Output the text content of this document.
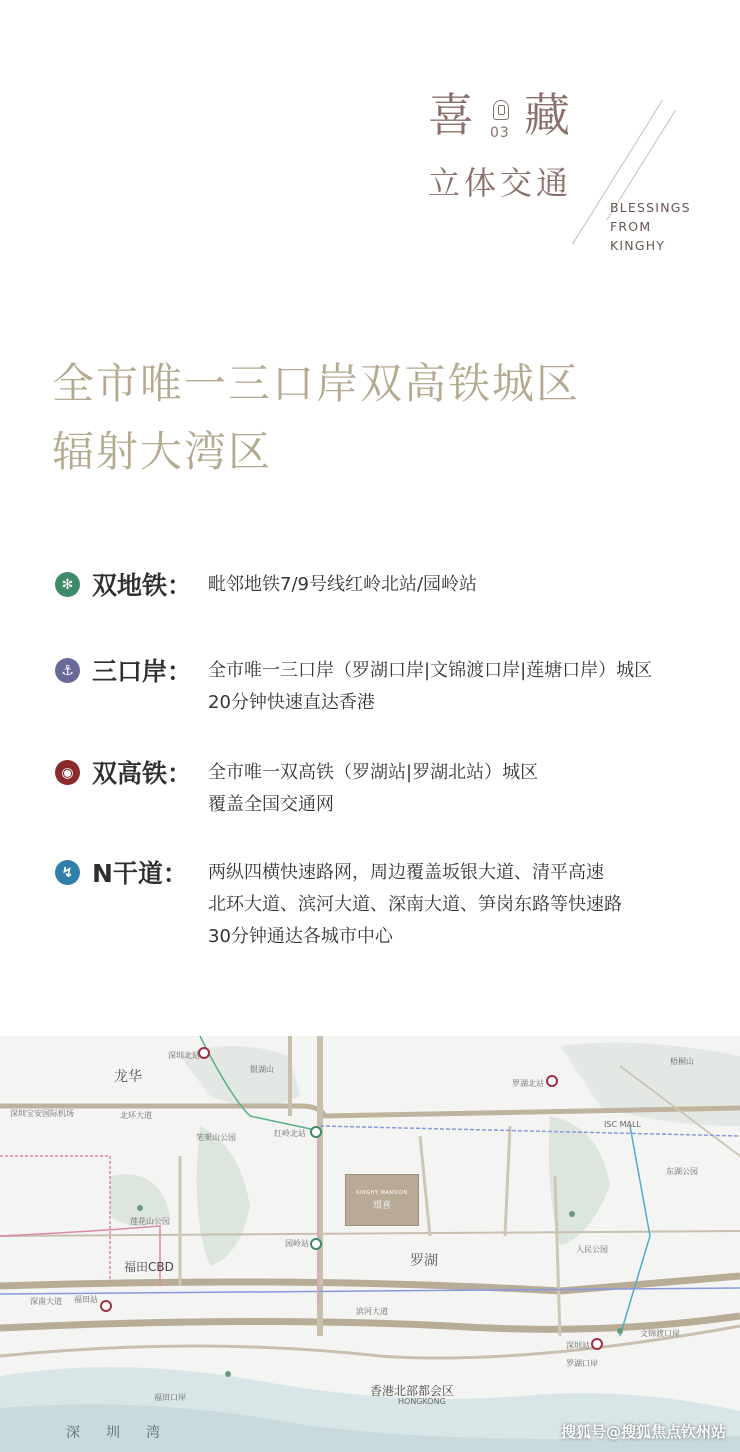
喜 03 藏
立体交通
BLESSINGS
FROM
KINGHY
全市唯一三口岸双高铁城区
辐射大湾区
✻ 双地铁： 毗邻地铁7/9号线红岭北站/园岭站
⚓ 三口岸： 全市唯一三口岸（罗湖口岸|文锦渡口岸|莲塘口岸）城区
20分钟快速直达香港
◉ 双高铁： 全市唯一双高铁（罗湖站|罗湖北站）城区
覆盖全国交通网
↯ N干道： 两纵四横快速路网，周边覆盖坂银大道、清平高速
北环大道、滨河大道、深南大道、笋岗东路等快速路
30分钟通达各城市中心
龙华
深圳北站
银湖山
梧桐山
罗湖北站
红岭北站
园岭站
北环大道
ISC MALL
笔架山公园
莲花山公园
东湖公园
人民公园
福田CBD	罗湖
福田站
深南大道
滨河大道
深圳站
文锦渡口岸
罗湖口岸
福田口岸
深圳宝安国际机场
香港北部都会区
HONGKONG
深圳湾
KINGHY MANSION
璟喜
搜狐号@搜狐焦点钦州站
